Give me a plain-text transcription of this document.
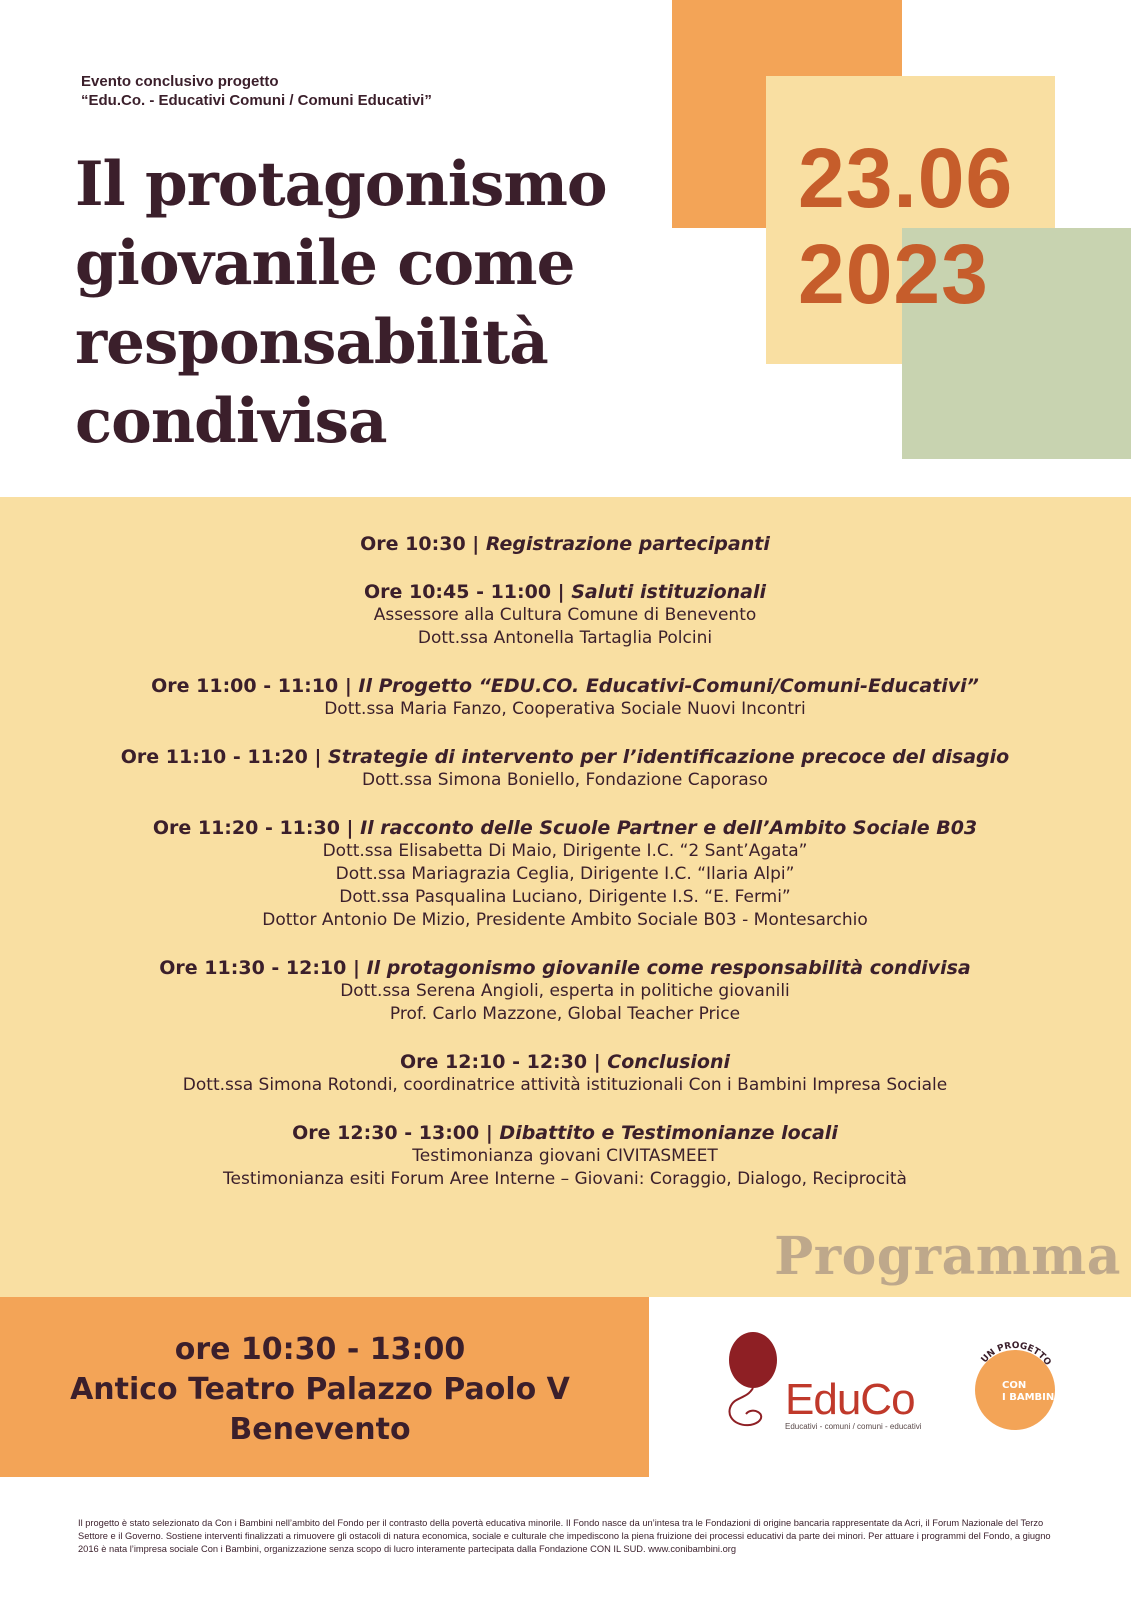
23.06
2023
Evento conclusivo progetto
“Edu.Co. - Educativi Comuni / Comuni Educativi”
Il protagonismo
giovanile come
responsabilità
condivisa
Ore 10:30 | Registrazione partecipanti
Ore 10:45 - 11:00 | Saluti istituzionali
Assessore alla Cultura Comune di Benevento
Dott.ssa Antonella Tartaglia Polcini
Ore 11:00 - 11:10 | Il Progetto “EDU.CO. Educativi-Comuni/Comuni-Educativi”
Dott.ssa Maria Fanzo, Cooperativa Sociale Nuovi Incontri
Ore 11:10 - 11:20 | Strategie di intervento per l’identificazione precoce del disagio
Dott.ssa Simona Boniello, Fondazione Caporaso
Ore 11:20 - 11:30 | Il racconto delle Scuole Partner e dell’Ambito Sociale B03
Dott.ssa Elisabetta Di Maio, Dirigente I.C. “2 Sant’Agata”
Dott.ssa Mariagrazia Ceglia, Dirigente I.C. “Ilaria Alpi”
Dott.ssa Pasqualina Luciano, Dirigente I.S. “E. Fermi”
Dottor Antonio De Mizio, Presidente Ambito Sociale B03 - Montesarchio
Ore 11:30 - 12:10 | Il protagonismo giovanile come responsabilità condivisa
Dott.ssa Serena Angioli, esperta in politiche giovanili
Prof. Carlo Mazzone, Global Teacher Price
Ore 12:10 - 12:30 | Conclusioni
Dott.ssa Simona Rotondi, coordinatrice attività istituzionali Con i Bambini Impresa Sociale
Ore 12:30 - 13:00 | Dibattito e Testimonianze locali
Testimonianza giovani CIVITASMEET
Testimonianza esiti Forum Aree Interne – Giovani: Coraggio, Dialogo, Reciprocità
Programma
ore 10:30 - 13:00
Antico Teatro Palazzo Paolo V
Benevento
EduCo
Educativi - comuni / comuni - educativi
UN PROGETTO
CON
I BAMBINI
Il progetto è stato selezionato da Con i Bambini nell’ambito del Fondo per il contrasto della povertà educativa minorile. Il Fondo nasce da un’intesa tra le Fondazioni di origine bancaria rappresentate da Acri, il Forum Nazionale del Terzo Settore e il Governo. Sostiene interventi finalizzati a rimuovere gli ostacoli di natura economica, sociale e culturale che impediscono la piena fruizione dei processi educativi da parte dei minori. Per attuare i programmi del Fondo, a giugno 2016 è nata l’impresa sociale Con i Bambini, organizzazione senza scopo di lucro interamente partecipata dalla Fondazione CON IL SUD. www.conibambini.org
